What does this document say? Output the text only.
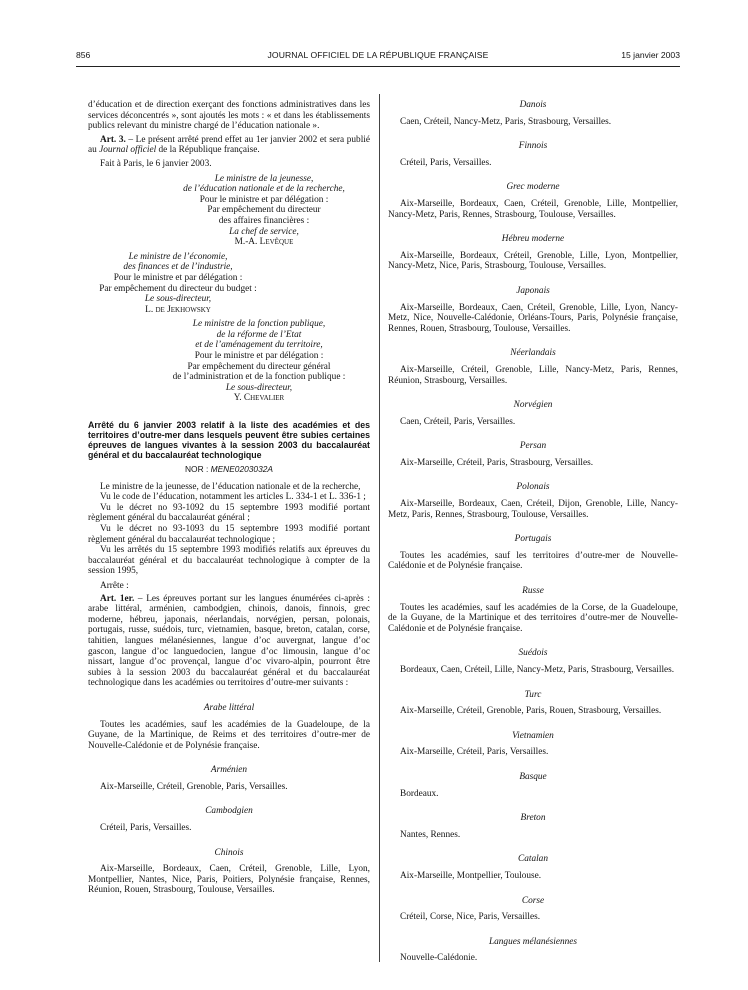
856	JOURNAL OFFICIEL DE LA RÉPUBLIQUE FRANÇAISE	15 janvier 2003

d’éducation et de direction exerçant des fonctions administratives dans les services déconcentrés », sont ajoutés les mots : « et dans les établissements publics relevant du ministre chargé de l’éducation nationale ».

Art. 3. – Le présent arrêté prend effet au 1er janvier 2002 et sera publié au Journal officiel de la République française.

Fait à Paris, le 6 janvier 2003.

Le ministre de la jeunesse,

de l’éducation nationale et de la recherche,

Pour le ministre et par délégation :

Par empêchement du directeur

des affaires financières :

La chef de service,

M.-A. Levêque

Le ministre de l’économie,

des finances et de l’industrie,

Pour le ministre et par délégation :

Par empêchement du directeur du budget :

Le sous-directeur,

L. de Jekhowsky

Le ministre de la fonction publique,

de la réforme de l’Etat

et de l’aménagement du territoire,

Pour le ministre et par délégation :

Par empêchement du directeur général

de l’administration et de la fonction publique :

Le sous-directeur,

Y. Chevalier

Arrêté du 6 janvier 2003 relatif à la liste des académies et des territoires d’outre-mer dans lesquels peuvent être subies certaines épreuves de langues vivantes à la session 2003 du baccalauréat général et du baccalauréat technologique

NOR : MENE0203032A

Le ministre de la jeunesse, de l’éducation nationale et de la recherche,

Vu le code de l’éducation, notamment les articles L. 334-1 et L. 336-1 ;

Vu le décret no 93-1092 du 15 septembre 1993 modifié portant règlement général du baccalauréat général ;

Vu le décret no 93-1093 du 15 septembre 1993 modifié portant règlement général du baccalauréat technologique ;

Vu les arrêtés du 15 septembre 1993 modifiés relatifs aux épreuves du baccalauréat général et du baccalauréat technologique à compter de la session 1995,

Arrête :

Art. 1er. – Les épreuves portant sur les langues énumérées ci-après : arabe littéral, arménien, cambodgien, chinois, danois, finnois, grec moderne, hébreu, japonais, néerlandais, norvégien, persan, polonais, portugais, russe, suédois, turc, vietnamien, basque, breton, catalan, corse, tahitien, langues mélanésiennes, langue d’oc auvergnat, langue d’oc gascon, langue d’oc languedocien, langue d’oc limousin, langue d’oc nissart, langue d’oc provençal, langue d’oc vivaro-alpin, pourront être subies à la session 2003 du baccalauréat général et du baccalauréat technologique dans les académies ou territoires d’outre-mer suivants :

Arabe littéral

Toutes les académies, sauf les académies de la Guadeloupe, de la Guyane, de la Martinique, de Reims et des territoires d’outre-mer de Nouvelle-Calédonie et de Polynésie française.

Arménien

Aix-Marseille, Créteil, Grenoble, Paris, Versailles.

Cambodgien

Créteil, Paris, Versailles.

Chinois

Aix-Marseille, Bordeaux, Caen, Créteil, Grenoble, Lille, Lyon, Montpellier, Nantes, Nice, Paris, Poitiers, Polynésie française, Rennes, Réunion, Rouen, Strasbourg, Toulouse, Versailles.

Danois

Caen, Créteil, Nancy-Metz, Paris, Strasbourg, Versailles.

Finnois

Créteil, Paris, Versailles.

Grec moderne

Aix-Marseille, Bordeaux, Caen, Créteil, Grenoble, Lille, Montpellier, Nancy-Metz, Paris, Rennes, Strasbourg, Toulouse, Versailles.

Hébreu moderne

Aix-Marseille, Bordeaux, Créteil, Grenoble, Lille, Lyon, Montpellier, Nancy-Metz, Nice, Paris, Strasbourg, Toulouse, Versailles.

Japonais

Aix-Marseille, Bordeaux, Caen, Créteil, Grenoble, Lille, Lyon, Nancy-Metz, Nice, Nouvelle-Calédonie, Orléans-Tours, Paris, Polynésie française, Rennes, Rouen, Strasbourg, Toulouse, Versailles.

Néerlandais

Aix-Marseille, Créteil, Grenoble, Lille, Nancy-Metz, Paris, Rennes, Réunion, Strasbourg, Versailles.

Norvégien

Caen, Créteil, Paris, Versailles.

Persan

Aix-Marseille, Créteil, Paris, Strasbourg, Versailles.

Polonais

Aix-Marseille, Bordeaux, Caen, Créteil, Dijon, Grenoble, Lille, Nancy-Metz, Paris, Rennes, Strasbourg, Toulouse, Versailles.

Portugais

Toutes les académies, sauf les territoires d’outre-mer de Nouvelle-Calédonie et de Polynésie française.

Russe

Toutes les académies, sauf les académies de la Corse, de la Guadeloupe, de la Guyane, de la Martinique et des territoires d’outre-mer de Nouvelle-Calédonie et de Polynésie française.

Suédois

Bordeaux, Caen, Créteil, Lille, Nancy-Metz, Paris, Strasbourg, Versailles.

Turc

Aix-Marseille, Créteil, Grenoble, Paris, Rouen, Strasbourg, Versailles.

Vietnamien

Aix-Marseille, Créteil, Paris, Versailles.

Basque

Bordeaux.

Breton

Nantes, Rennes.

Catalan

Aix-Marseille, Montpellier, Toulouse.

Corse

Créteil, Corse, Nice, Paris, Versailles.

Langues mélanésiennes

Nouvelle-Calédonie.
